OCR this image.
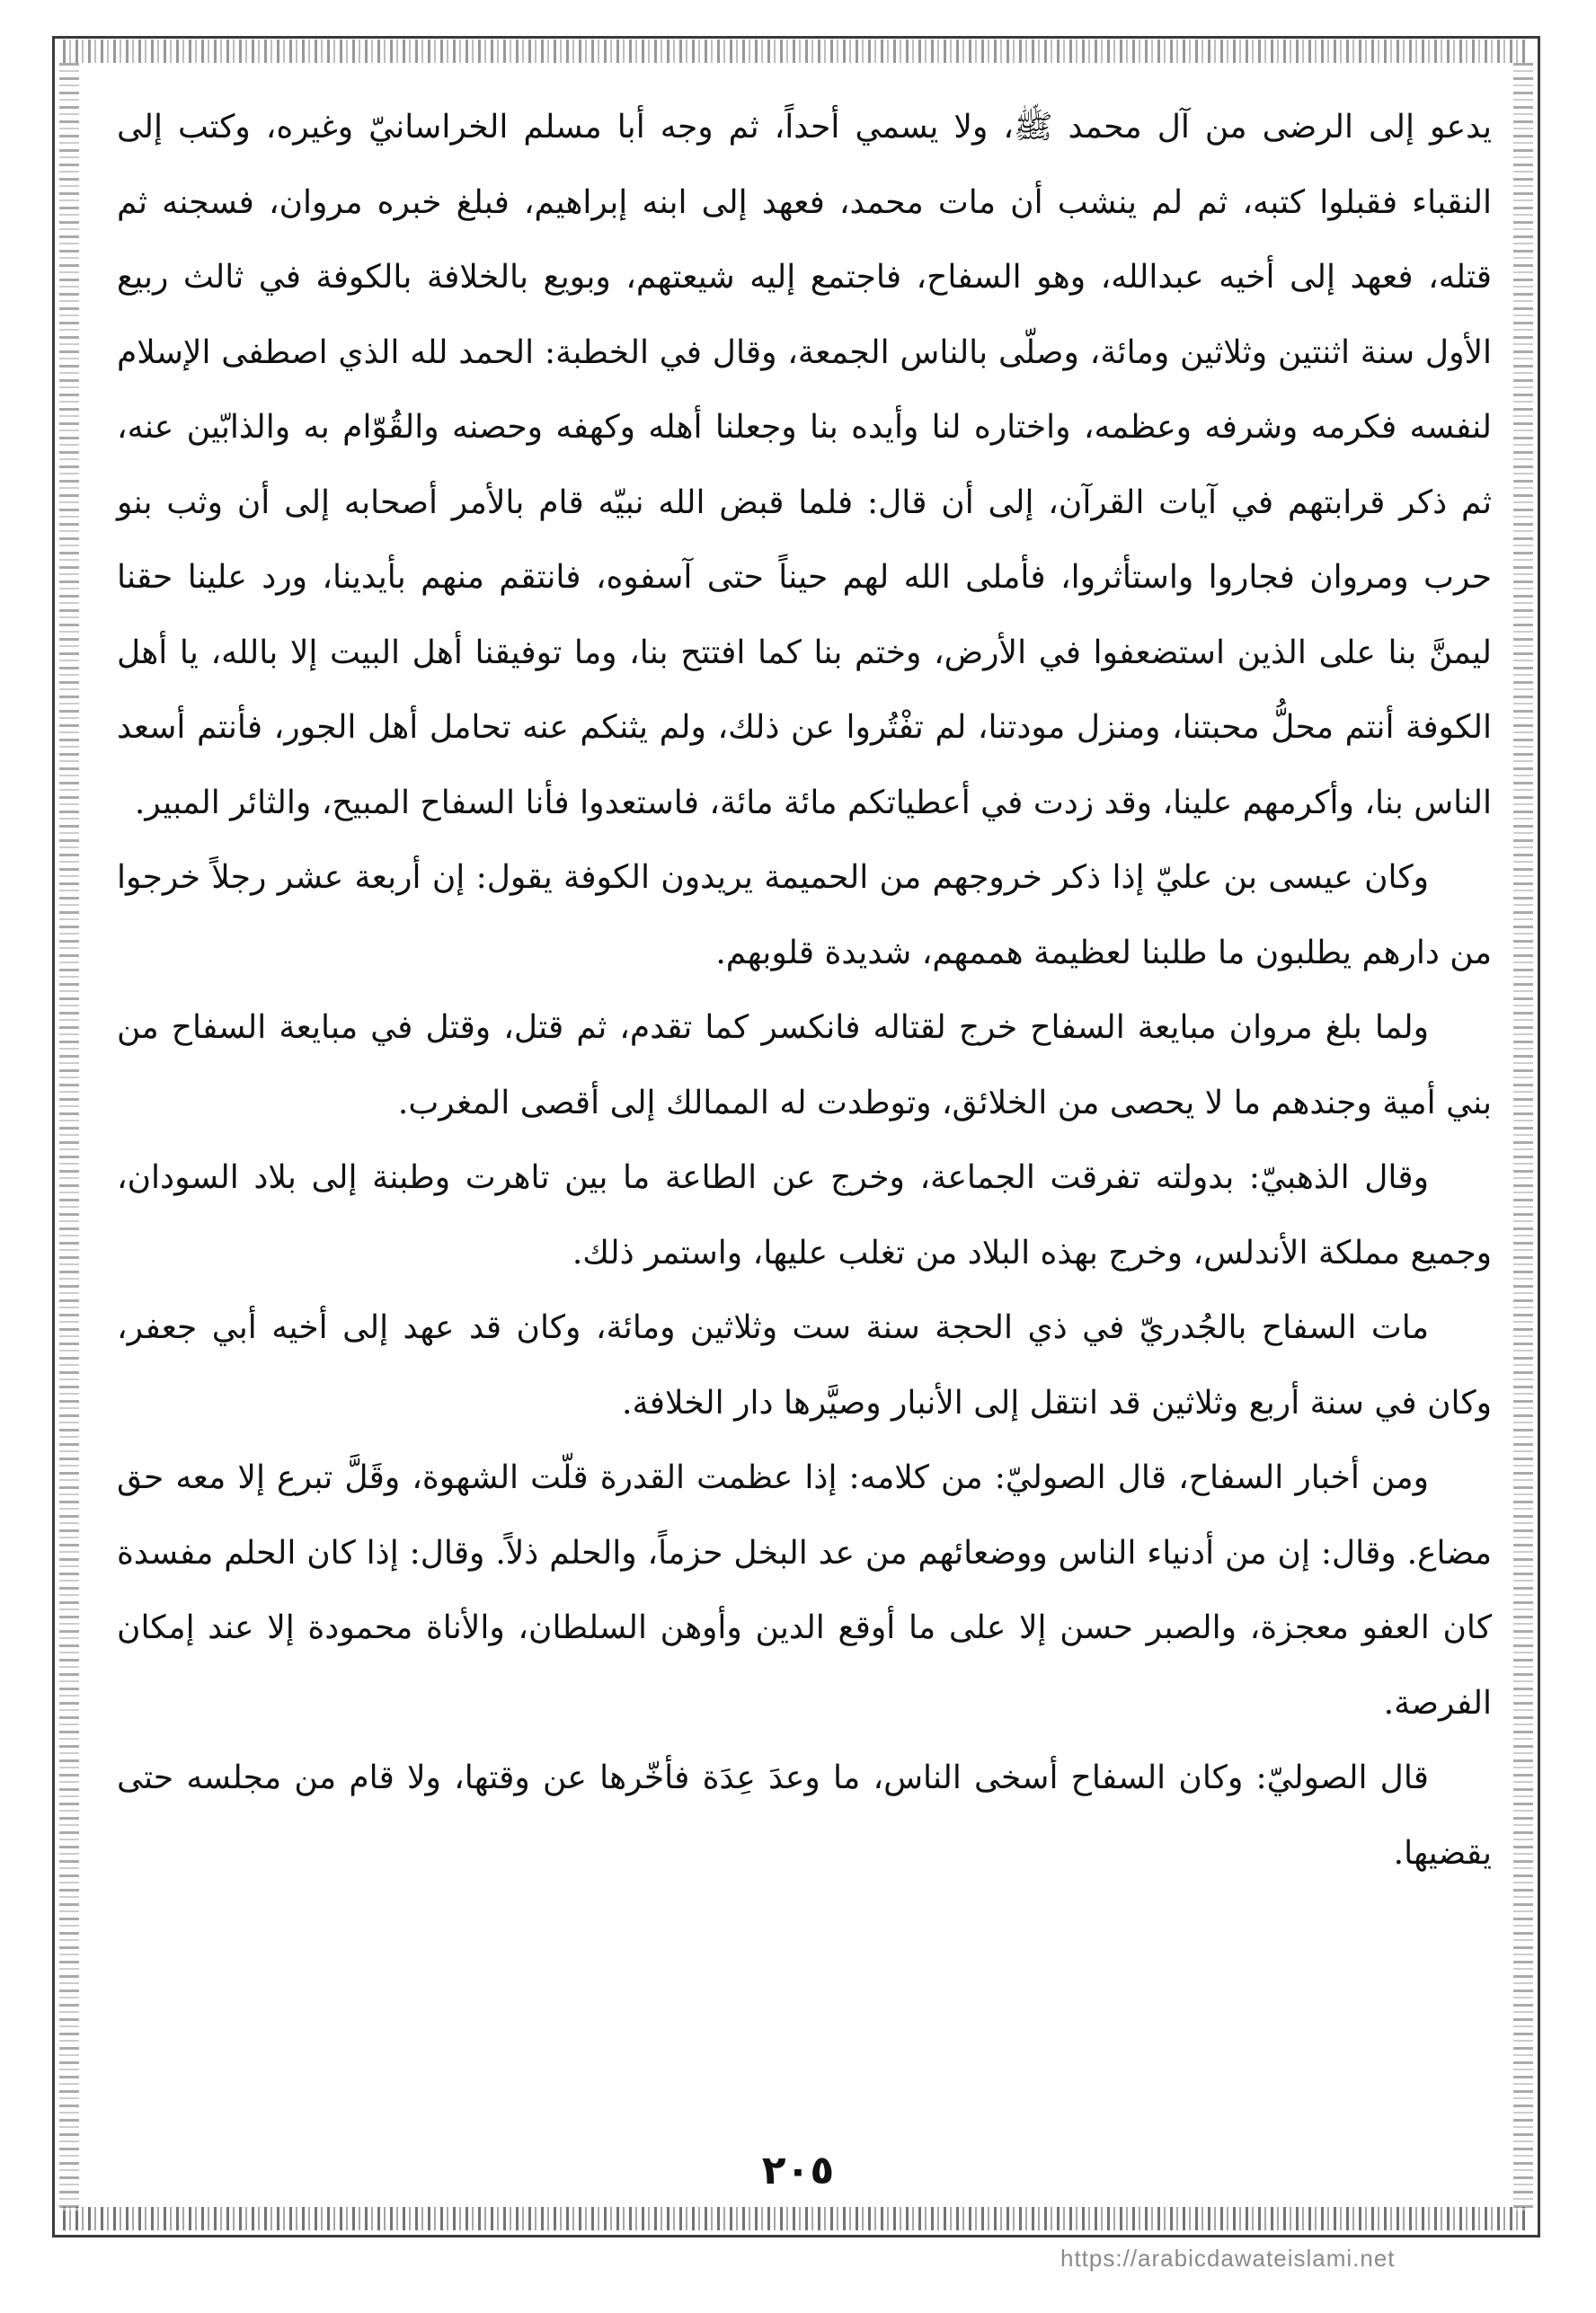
يدعو إلى الرضى من آل محمد ﷺ، ولا يسمي أحداً، ثم وجه أبا مسلم الخراسانيّ وغيره، وكتب إلى النقباء فقبلوا كتبه، ثم لم ينشب أن مات محمد، فعهد إلى ابنه إبراهيم، فبلغ خبره مروان، فسجنه ثم قتله، فعهد إلى أخيه عبدالله، وهو السفاح، فاجتمع إليه شيعتهم، وبويع بالخلافة بالكوفة في ثالث ربيع الأول سنة اثنتين وثلاثين ومائة، وصلّى بالناس الجمعة، وقال في الخطبة: الحمد لله الذي اصطفى الإسلام لنفسه فكرمه وشرفه وعظمه، واختاره لنا وأيده بنا وجعلنا أهله وكهفه وحصنه والقُوّام به والذابّين عنه، ثم ذكر قرابتهم في آيات القرآن، إلى أن قال: فلما قبض الله نبيّه قام بالأمر أصحابه إلى أن وثب بنو حرب ومروان فجاروا واستأثروا، فأملى الله لهم حيناً حتى آسفوه، فانتقم منهم بأيدينا، ورد علينا حقنا ليمنَّ بنا على الذين استضعفوا في الأرض، وختم بنا كما افتتح بنا، وما توفيقنا أهل البيت إلا بالله، يا أهل الكوفة أنتم محلُّ محبتنا، ومنزل مودتنا، لم تفْتُروا عن ذلك، ولم يثنكم عنه تحامل أهل الجور، فأنتم أسعد الناس بنا، وأكرمهم علينا، وقد زدت في أعطياتكم مائة مائة، فاستعدوا فأنا السفاح المبيح، والثائر المبير.

وكان عيسى بن عليّ إذا ذكر خروجهم من الحميمة يريدون الكوفة يقول: إن أربعة عشر رجلاً خرجوا من دارهم يطلبون ما طلبنا لعظيمة هممهم، شديدة قلوبهم.

ولما بلغ مروان مبايعة السفاح خرج لقتاله فانكسر كما تقدم، ثم قتل، وقتل في مبايعة السفاح من بني أمية وجندهم ما لا يحصى من الخلائق، وتوطدت له الممالك إلى أقصى المغرب.

وقال الذهبيّ: بدولته تفرقت الجماعة، وخرج عن الطاعة ما بين تاهرت وطبنة إلى بلاد السودان، وجميع مملكة الأندلس، وخرج بهذه البلاد من تغلب عليها، واستمر ذلك.

مات السفاح بالجُدريّ في ذي الحجة سنة ست وثلاثين ومائة، وكان قد عهد إلى أخيه أبي جعفر، وكان في سنة أربع وثلاثين قد انتقل إلى الأنبار وصيَّرها دار الخلافة.

ومن أخبار السفاح، قال الصوليّ: من كلامه: إذا عظمت القدرة قلّت الشهوة، وقَلَّ تبرع إلا معه حق مضاع. وقال: إن من أدنياء الناس ووضعائهم من عد البخل حزماً، والحلم ذلاً. وقال: إذا كان الحلم مفسدة كان العفو معجزة، والصبر حسن إلا على ما أوقع الدين وأوهن السلطان، والأناة محمودة إلا عند إمكان الفرصة.

قال الصوليّ: وكان السفاح أسخى الناس، ما وعدَ عِدَة فأخّرها عن وقتها، ولا قام من مجلسه حتى يقضيها.

٢٠٥
https://arabicdawateislami.net
